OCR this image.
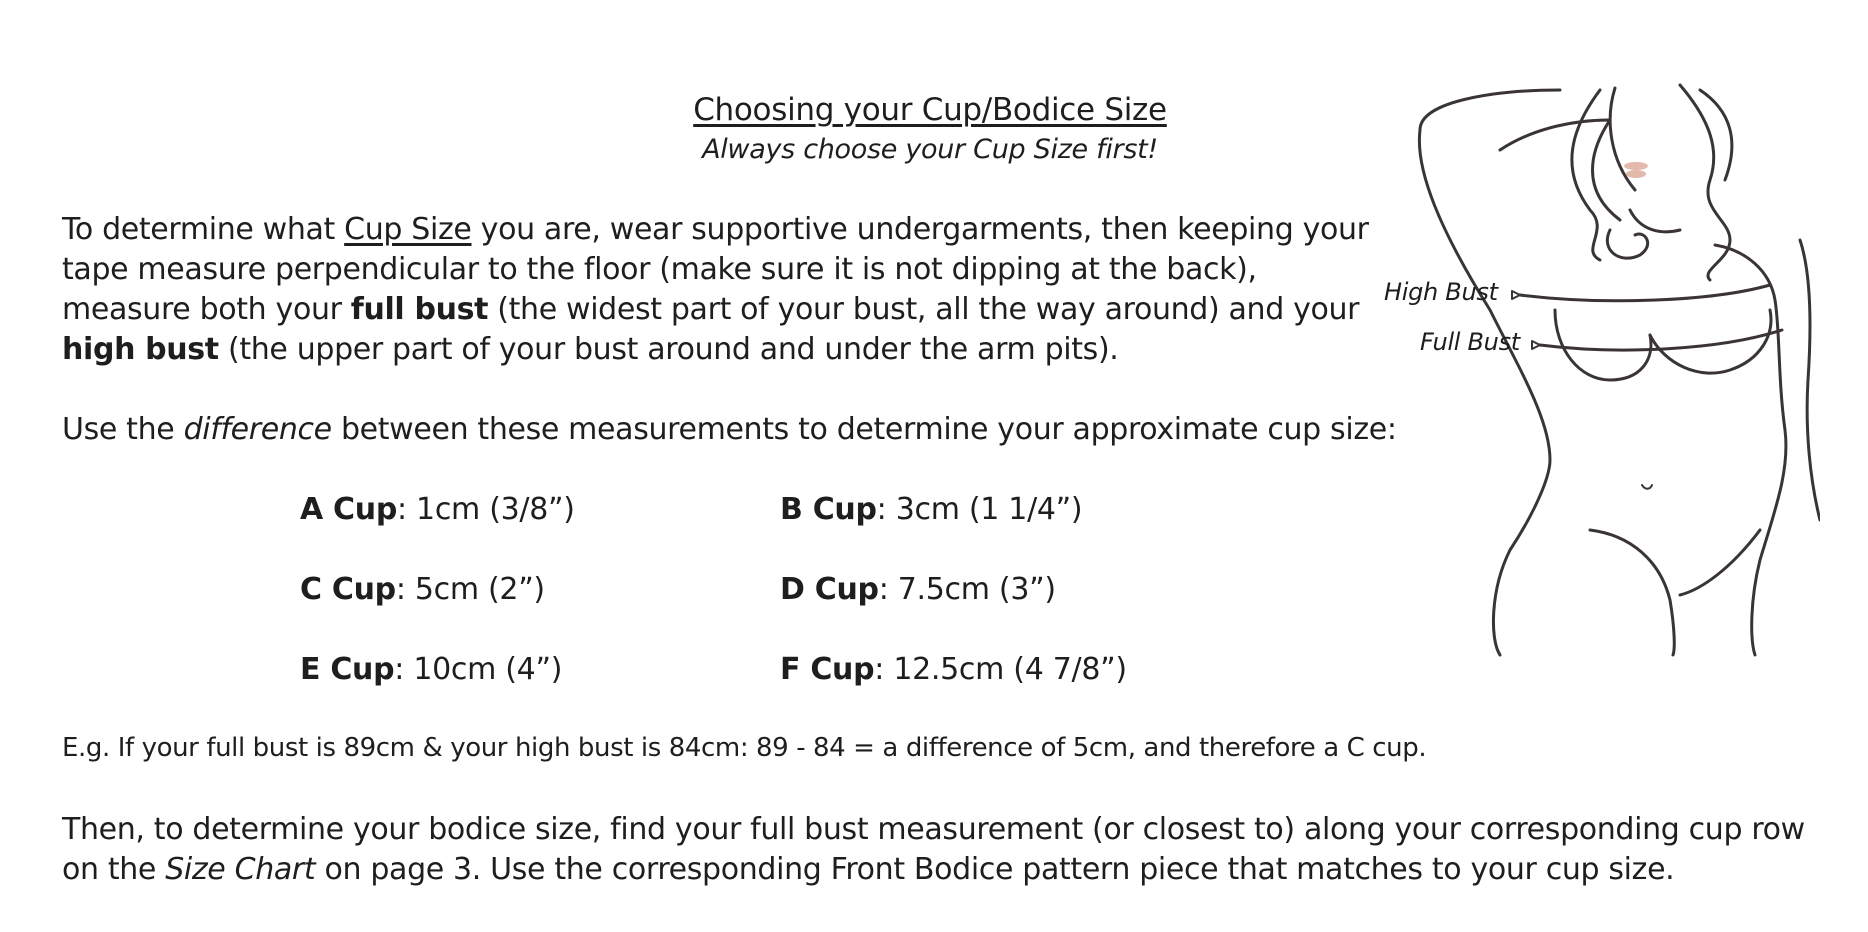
Choosing your Cup/Bodice Size
Always choose your Cup Size first!
To determine what Cup Size you are, wear supportive undergarments, then keeping your
tape measure perpendicular to the floor (make sure it is not dipping at the back),
measure both your full bust (the widest part of your bust, all the way around) and your
high bust (the upper part of your bust around and under the arm pits).
Use the difference between these measurements to determine your approximate cup size:
A Cup: 1cm (3/8”)	B Cup: 3cm (1 1/4”)
C Cup: 5cm (2”)	D Cup: 7.5cm (3”)
E Cup: 10cm (4”)	F Cup: 12.5cm (4 7/8”)
E.g. If your full bust is 89cm & your high bust is 84cm: 89 - 84 = a difference of 5cm, and therefore a C cup.
Then, to determine your bodice size, find your full bust measurement (or closest to) along your corresponding cup row
on the Size Chart on page 3. Use the corresponding Front Bodice pattern piece that matches to your cup size.
High Bust
Full Bust
